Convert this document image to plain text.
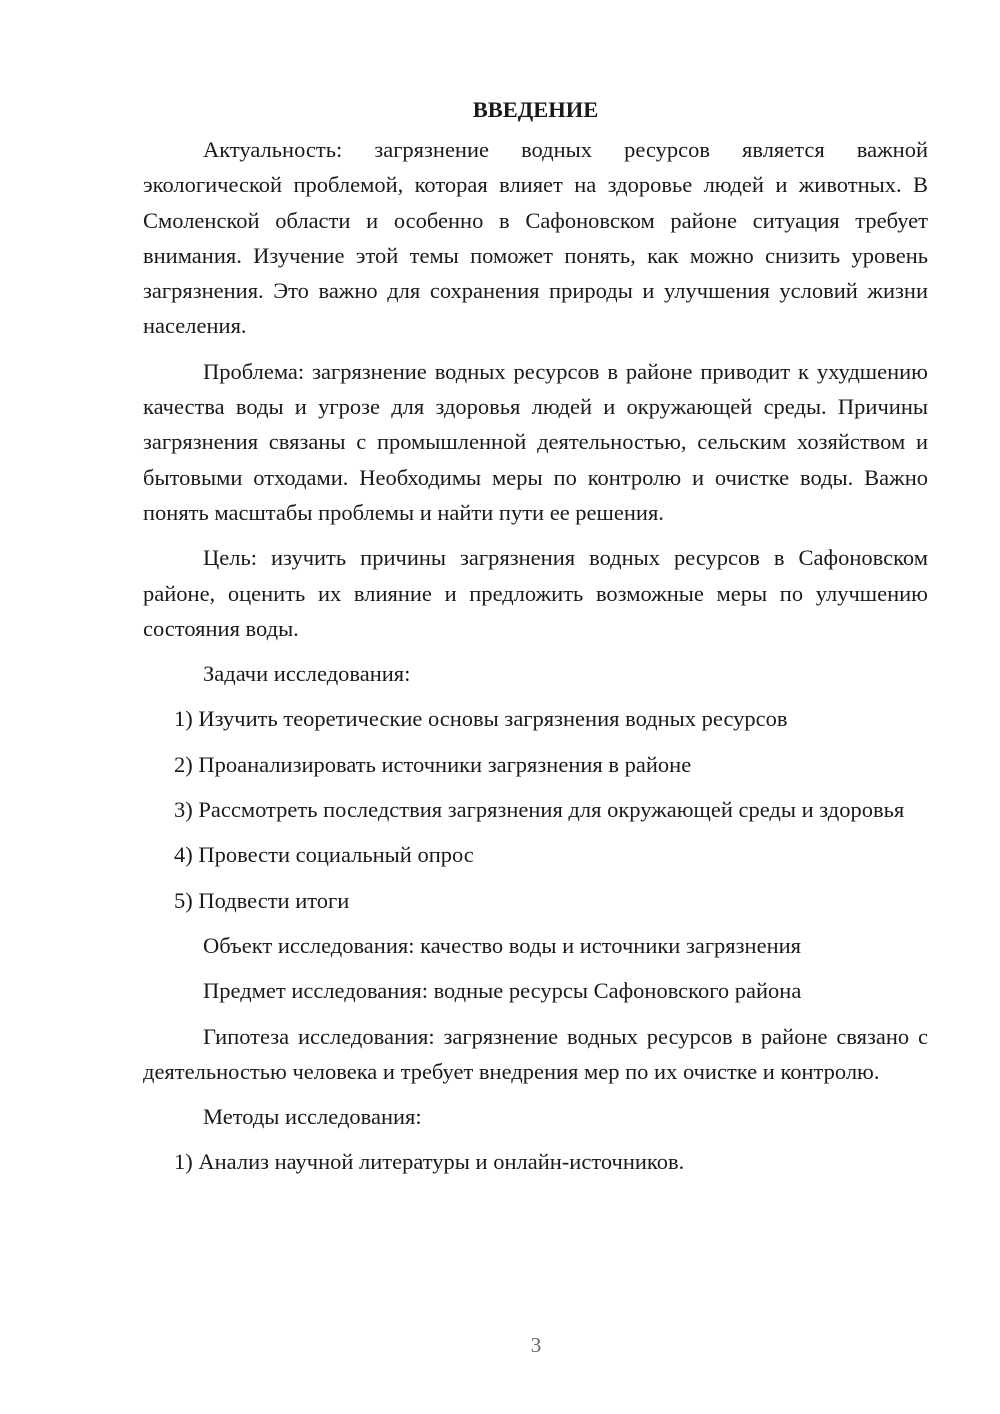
ВВЕДЕНИЕ

Актуальность: загрязнение водных ресурсов является важной экологической проблемой, которая влияет на здоровье людей и животных. В Смоленской области и особенно в Сафоновском районе ситуация требует внимания. Изучение этой темы поможет понять, как можно снизить уровень загрязнения. Это важно для сохранения природы и улучшения условий жизни населения.

Проблема: загрязнение водных ресурсов в районе приводит к ухудшению качества воды и угрозе для здоровья людей и окружающей среды. Причины загрязнения связаны с промышленной деятельностью, сельским хозяйством и бытовыми отходами. Необходимы меры по контролю и очистке воды. Важно понять масштабы проблемы и найти пути ее решения.

Цель: изучить причины загрязнения водных ресурсов в Сафоновском районе, оценить их влияние и предложить возможные меры по улучшению состояния воды.

Задачи исследования:

1) Изучить теоретические основы загрязнения водных ресурсов

2) Проанализировать источники загрязнения в районе

3) Рассмотреть последствия загрязнения для окружающей среды и здоровья

4) Провести социальный опрос

5) Подвести итоги

Объект исследования: качество воды и источники загрязнения

Предмет исследования: водные ресурсы Сафоновского района

Гипотеза исследования: загрязнение водных ресурсов в районе связано с деятельностью человека и требует внедрения мер по их очистке и контролю.

Методы исследования:

1) Анализ научной литературы и онлайн-источников.

3
